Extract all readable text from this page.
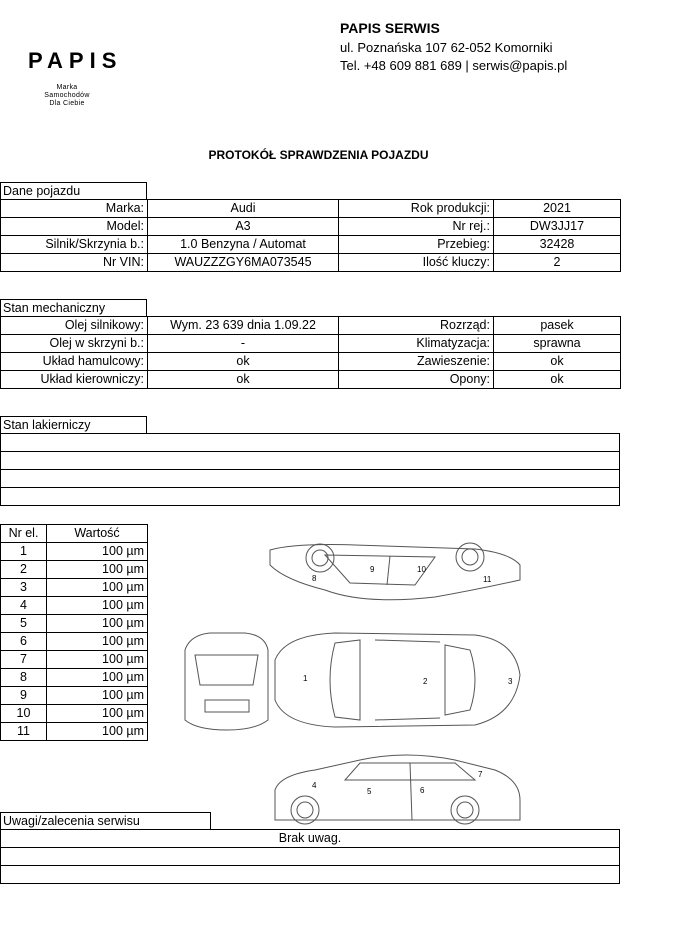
PAPIS
Marka
Samochodów
Dla Ciebie
PAPIS SERWIS
ul. Poznańska 107 62-052 Komorniki
Tel. +48 609 881 689 | serwis@papis.pl
PROTOKÓŁ SPRAWDZENIA POJAZDU
Dane pojazdu
Marka:	Audi	Rok produkcji:	2021
Model:	A3	Nr rej.:	DW3JJ17
Silnik/Skrzynia b.:	1.0 Benzyna / Automat	Przebieg:	32428
Nr VIN:	WAUZZZGY6MA073545	Ilość kluczy:	2
Stan mechaniczny
Olej silnikowy:	Wym. 23 639 dnia 1.09.22	Rozrząd:	pasek
Olej w skrzyni b.:	-	Klimatyzacja:	sprawna
Układ hamulcowy:	ok	Zawieszenie:	ok
Układ kierowniczy:	ok	Opony:	ok
Stan lakierniczy

Nr el.	Wartość
1	100 µm
2	100 µm
3	100 µm
4	100 µm
5	100 µm
6	100 µm
7	100 µm
8	100 µm
9	100 µm
10	100 µm
11	100 µm
1	2	3
4
5	6
7
8
9	10
11
Uwagi/zalecenia serwisu
Brak uwag.
